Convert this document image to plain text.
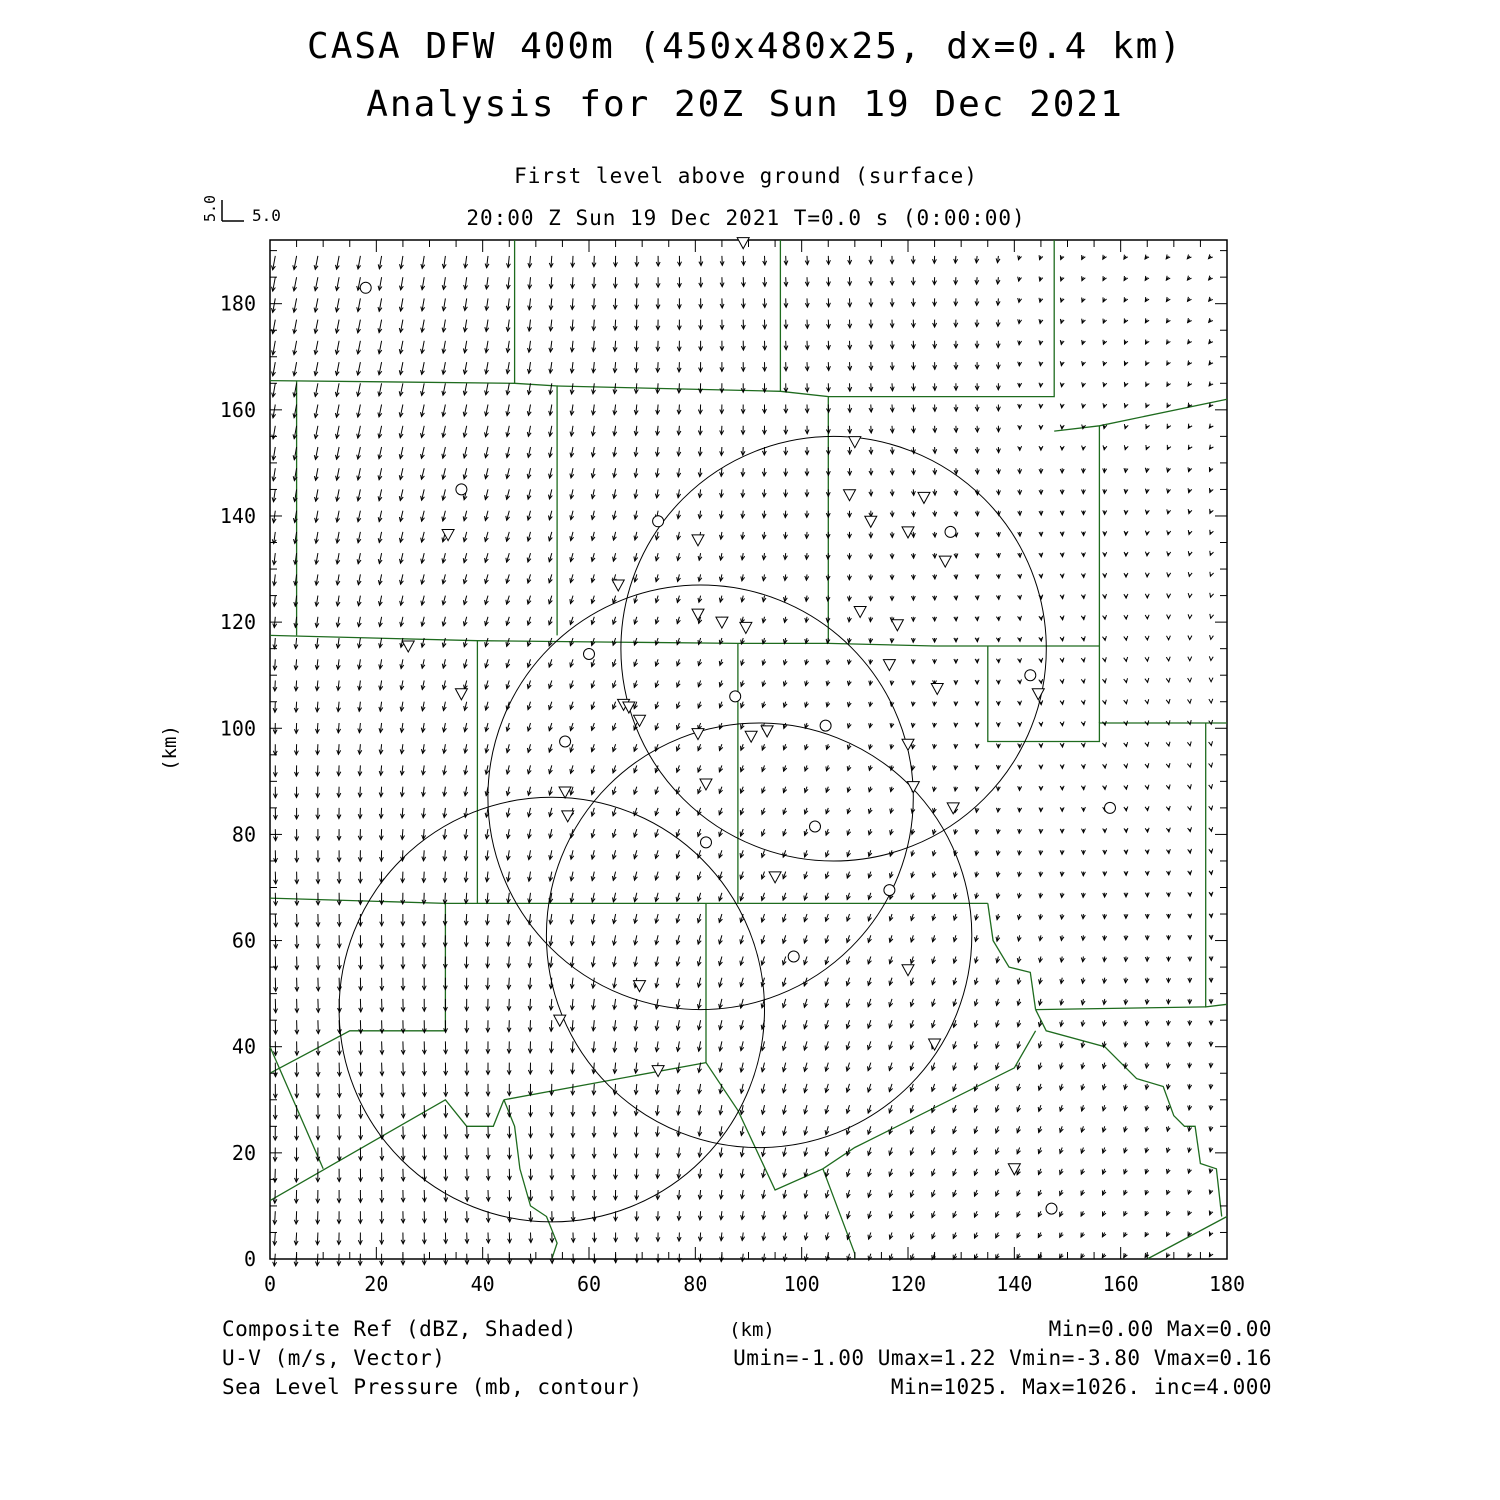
CASA DFW 400m (450x480x25, dx=0.4 km)
Analysis for 20Z Sun 19 Dec 2021
First level above ground (surface)
20:00 Z Sun 19 Dec 2021 T=0.0 s (0:00:00)
5.0 5.0
0	20	40	60	80	100	120	140	160	180
0
20
40
60
80
100
120
140
160
180
(km)
(km)
Composite Ref (dBZ, Shaded)	Min=0.00 Max=0.00
U-V (m/s, Vector)	Umin=-1.00 Umax=1.22 Vmin=-3.80 Vmax=0.16
Sea Level Pressure (mb, contour)	Min=1025. Max=1026. inc=4.000
